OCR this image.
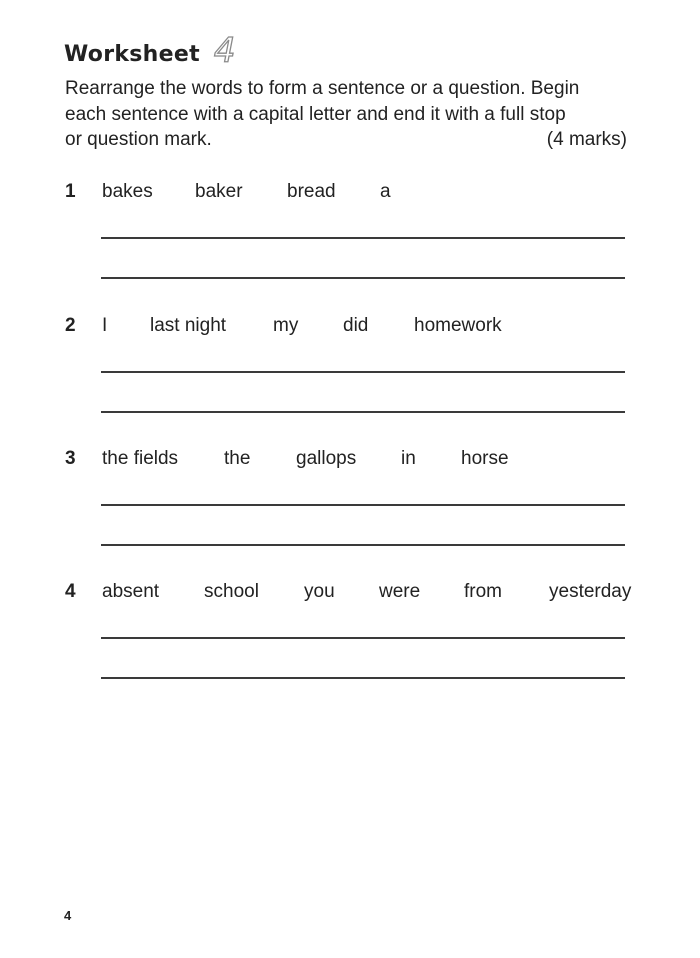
Worksheet 4
Rearrange the words to form a sentence or a question. Begin
each sentence with a capital letter and end it with a full stop
or question mark.	(4 marks)
1 bakes baker bread a
2 I last night my did homework
3 the fields the gallops in horse
4 absent school you were from yesterday
4
